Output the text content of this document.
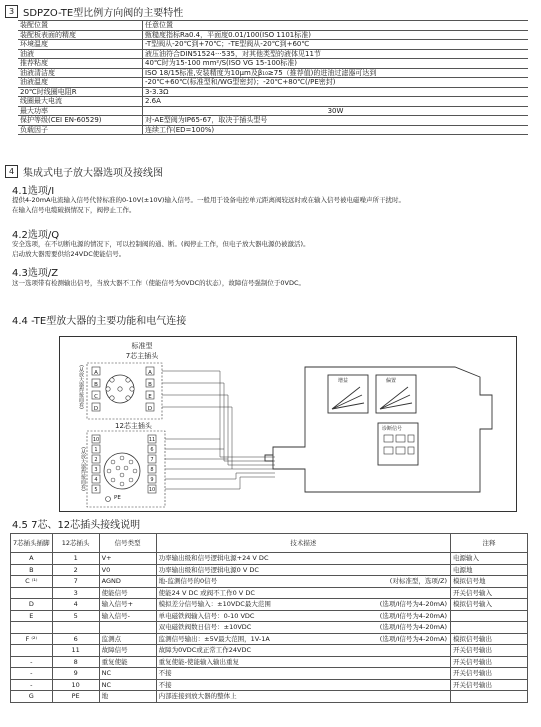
3 SDPZO-TE型比例方向阀的主要特性
装配位置	任意位置
装配板表面的精度	甄糙度指标Ra0.4，平面度0.01/100(ISO 1101标准)
环境温度	-T型阀从-20℃到+70℃；-TE型阀从-20℃到+60℃
油液	液压油符合DIN51524···535，对其他类型的液体见11节
推荐粘度	40℃时为15-100 mm²/S(ISO VG 15-100标准)
油液清洁度	ISO 18/15标准,安装精度为10μm及β₁₀≥75（推荐值)的进油过滤器可达到
油液温度	-20℃+60℃(标准型和/WG型密封)；-20℃+80℃(/PE密封)
20℃时线圈电阻R	3-3.3Ω
线圈最大电流	2.6A
最大功率	30W
保护等级(CEI EN-60529)	对-AE型阀为IP65-67，取决于插头型号
负载因子	连续工作(ED=100%)
4 集成式电子放大器选项及接线图
4.1选项/I
提供4-20mA电流输入信号代替标准的0-10V(±10V)输入信号。一般用于设备电控单元距离阀较远时或在输入信号被电磁噪声所干扰时。
在输入信号电缆破损情况下，阀停止工作。
4.2选项/Q
安全选项，在不切断电源的情况下，可以控制阀的通、断。(阀停止工作，但电子放大器电源仍被激活)。
启动放大器需要供给24VDC使能信号。
4.3选项/Z
这一选项带有检测输出信号，当放大器不工作（使能信号为0VDC的状态），故障信号强制位于0VDC。
4.4 -TE型放大器的主要功能和电气连接
标准型
7芯主插头
(从放大器焊接面看)
(从放大器焊接面看)
12芯主插头
A
B
C
D
A
B
E
D
10
1
2
3
4
5
11
6
7
8
9
10
PE
增益	偏置
诊断信号
4.5 7芯、12芯插头接线说明
7芯插头插脚	12芯插头	信号类型	技术描述	注释
A	1	V+	功率输出级和信号逻辑电源+24 V DC	电源输入
B	2	V0	功率输出级和信号逻辑电源0 V DC	电源地
C ⁽¹⁾	7	AGND	地-监测信号的0信号 (对标准型，选项/Z)	模拟信号地
	3	使能信号	使能24 V DC 或阀不工作0 V DC	开关信号输入
D	4	输入信号+	模拟差分信号输入：±10VDC最大范围 (选项/I信号为4-20mA)	模拟信号输入
E	5	输入信号-	单电磁铁阀输入信号：0-10 VDC (选项/I信号为4-20mA)	

			双电磁铁阀数日信号：±10VDC (选项/I信号为4-20mA)	

F ⁽²⁾	6	监测点	监测信号输出：±5V最大范围，1V-1A (选项/I信号为4-20mA)	模拟信号输出
	11	故障信号	故障为0VDC或正常工作24VDC	开关信号输出
-	8	重复使能	重复使能-使能输入输出重复	开关信号输出
-	9	NC	不接	开关信号输出
-	10	NC	不接	开关信号输出
G	PE	地	内部连接到放大器的整体上
